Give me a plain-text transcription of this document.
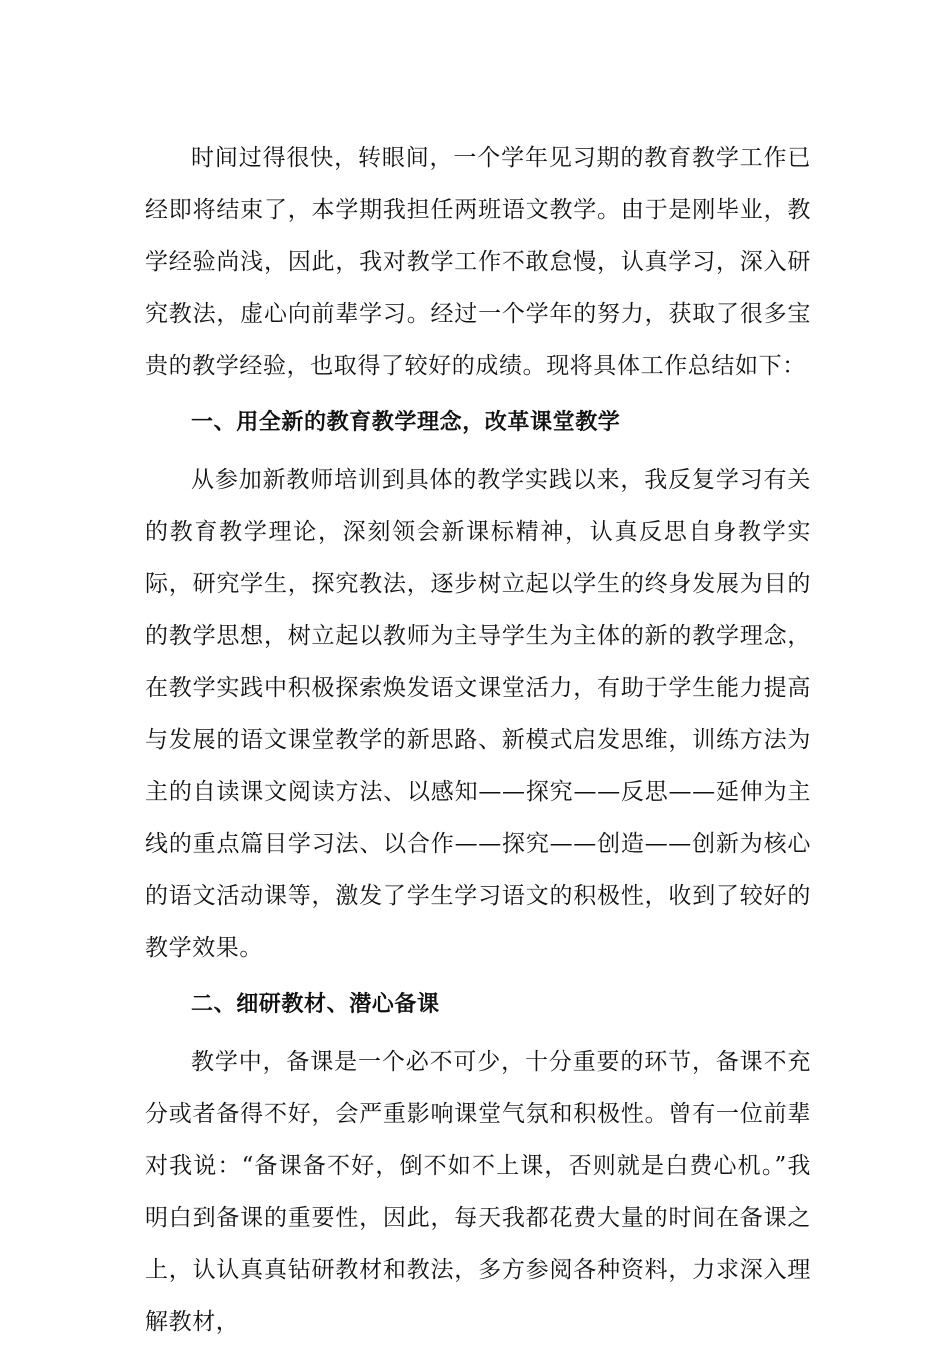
时间过得很快，转眼间，一个学年见习期的教育教学工作已经即将结束了，本学期我担任两班语文教学。由于是刚毕业，教学经验尚浅，因此，我对教学工作不敢怠慢，认真学习，深入研究教法，虚心向前辈学习。经过一个学年的努力，获取了很多宝贵的教学经验，也取得了较好的成绩。现将具体工作总结如下：

一、用全新的教育教学理念，改革课堂教学

从参加新教师培训到具体的教学实践以来，我反复学习有关的教育教学理论，深刻领会新课标精神，认真反思自身教学实际，研究学生，探究教法，逐步树立起以学生的终身发展为目的的教学思想，树立起以教师为主导学生为主体的新的教学理念，在教学实践中积极探索焕发语文课堂活力，有助于学生能力提高与发展的语文课堂教学的新思路、新模式启发思维，训练方法为主的自读课文阅读方法、以感知——探究——反思——延伸为主线的重点篇目学习法、以合作——探究——创造——创新为核心的语文活动课等，激发了学生学习语文的积极性，收到了较好的教学效果。

二、细研教材、潜心备课

教学中，备课是一个必不可少，十分重要的环节，备课不充分或者备得不好，会严重影响课堂气氛和积极性。曾有一位前辈对我说：“备课备不好，倒不如不上课，否则就是白费心机。”我明白到备课的重要性，因此，每天我都花费大量的时间在备课之上，认认真真钻研教材和教法，多方参阅各种资料，力求深入理解教材，
